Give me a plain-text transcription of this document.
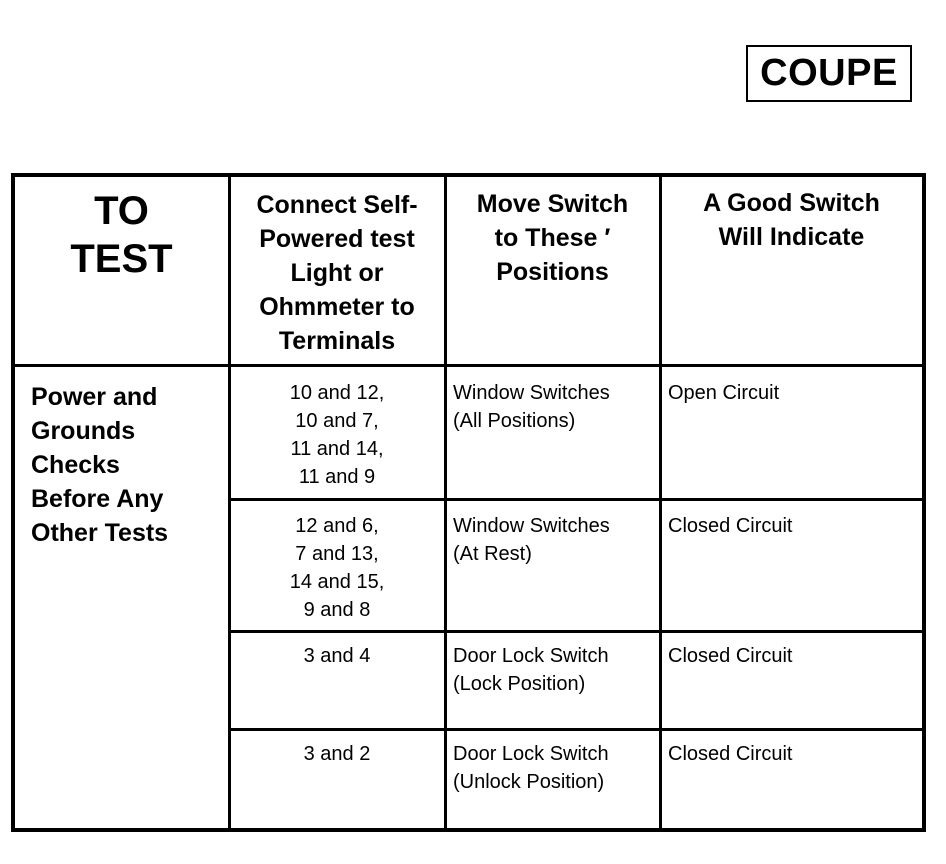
COUPE
TO
TEST
Connect Self-
Powered test
Light or
Ohmmeter to
Terminals
Move Switch
to These ′
Positions
A Good Switch
Will Indicate
Power and
Grounds
Checks
Before Any
Other Tests
10 and 12,
10 and 7,
11 and 14,
11 and 9
Window Switches
(All Positions)
Open Circuit
12 and 6,
7 and 13,
14 and 15,
9 and 8
Window Switches
(At Rest)
Closed Circuit
3 and 4	Door Lock Switch
(Lock Position)
Closed Circuit
3 and 2	Door Lock Switch
(Unlock Position)
Closed Circuit
